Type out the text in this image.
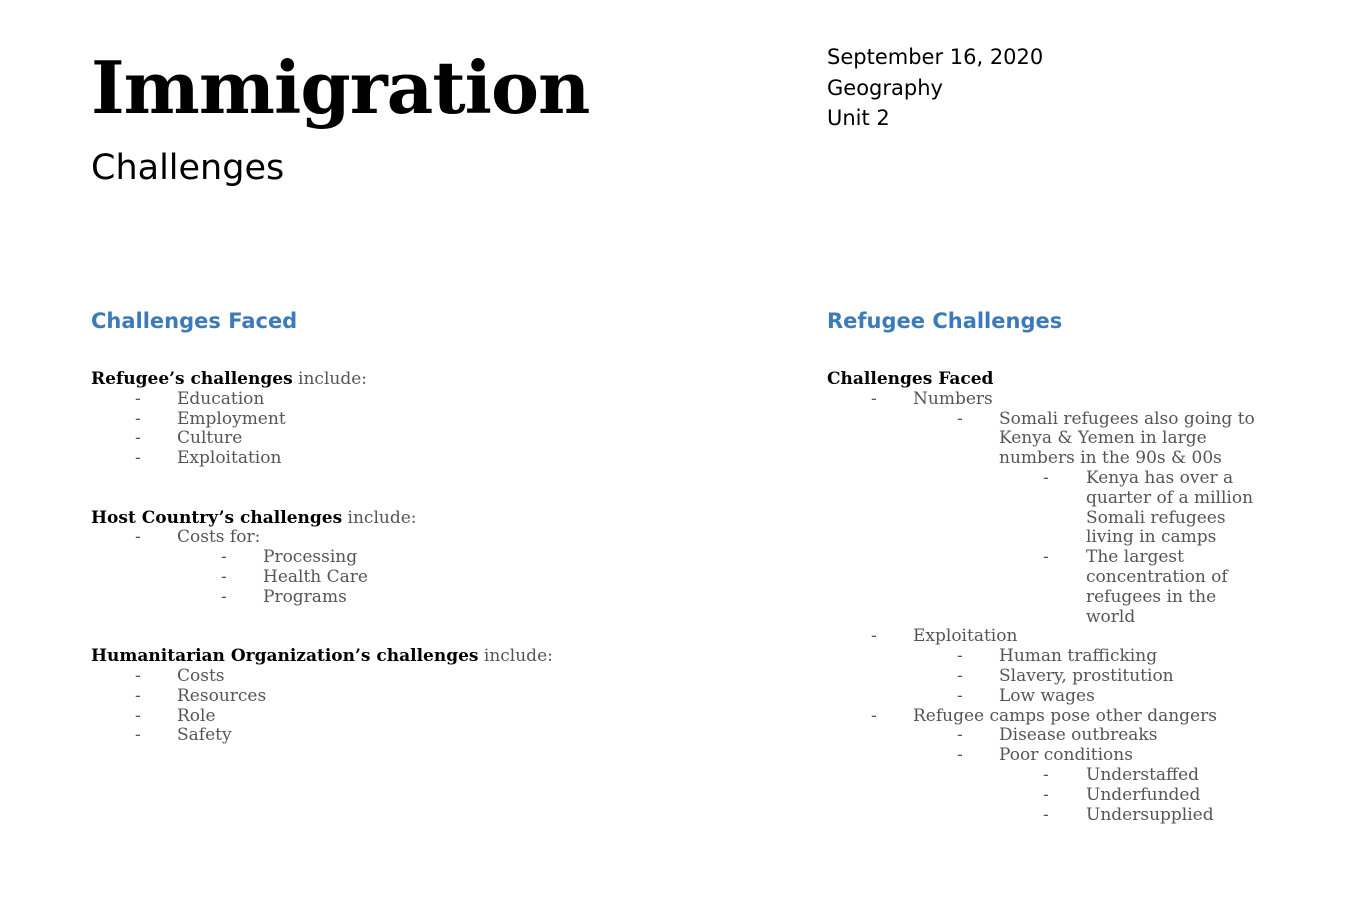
Immigration
Challenges
September 16, 2020
Geography
Unit 2
Challenges Faced	Refugee Challenges
Refugee’s challenges include:
-	Education
-	Employment
-	Culture
-	Exploitation
Host Country’s challenges include:
-	Costs for:
-	Processing
-	Health Care
-	Programs
Humanitarian Organization’s challenges include:
-	Costs
-	Resources
-	Role
-	Safety
Challenges Faced
-	Numbers
-	Somali refugees also going to Kenya & Yemen in large numbers in the 90s & 00s
-	Kenya has over a quarter of a million Somali refugees living in camps
-	The largest concentration of refugees in the world
-	Exploitation
-	Human trafficking
-	Slavery, prostitution
-	Low wages
-	Refugee camps pose other dangers
-	Disease outbreaks
-	Poor conditions
-	Understaffed
-	Underfunded
-	Undersupplied
